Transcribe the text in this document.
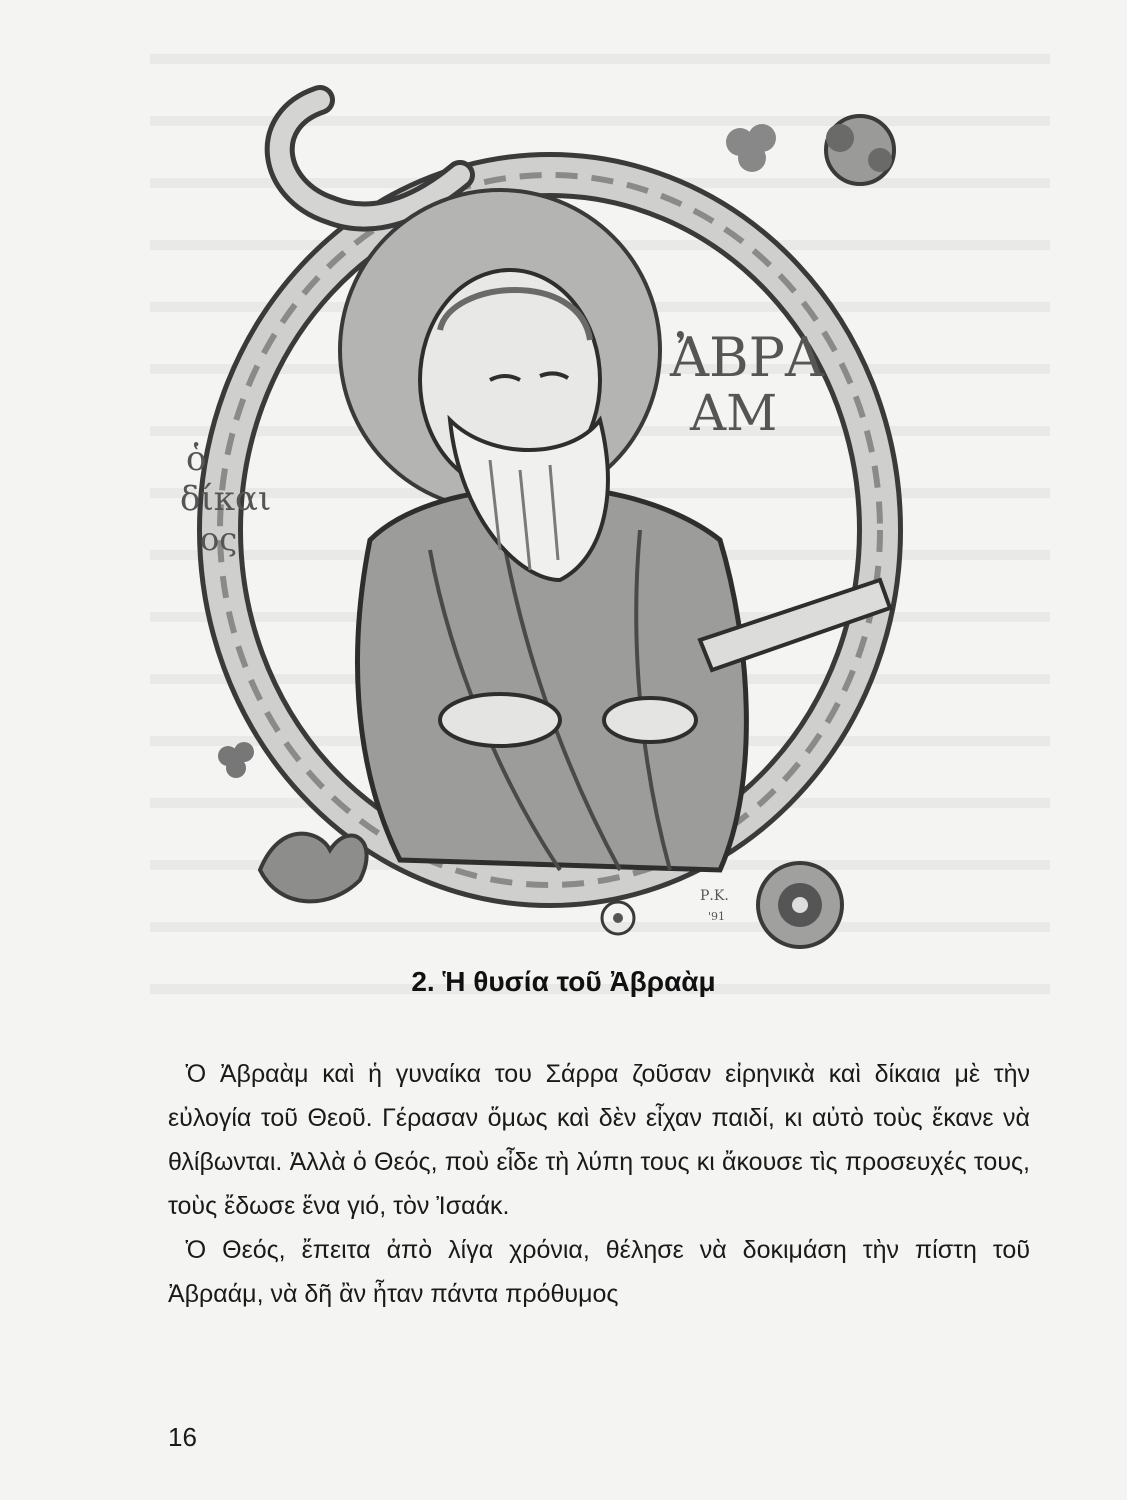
ἈΒΡΑ
ΑΜ
ὁ
δίκαι
ος
Ρ.Κ.
'91
2. Ἡ θυσία τοῦ Ἀβραὰμ

Ὁ Ἀβραὰμ καὶ ἡ γυναίκα του Σάρρα ζοῦσαν εἰρηνικὰ καὶ δίκαια μὲ τὴν εὐλογία τοῦ Θεοῦ. Γέρασαν ὅμως καὶ δὲν εἶχαν παιδί, κι αὐτὸ τοὺς ἔκανε νὰ θλίβωνται. Ἀλλὰ ὁ Θεός, ποὺ εἶδε τὴ λύπη τους κι ἄκουσε τὶς προσευχές τους, τοὺς ἔδωσε ἕνα γιό, τὸν Ἰσαάκ.

Ὁ Θεός, ἔπειτα ἀπὸ λίγα χρόνια, θέλησε νὰ δοκιμάση τὴν πίστη τοῦ Ἀβραάμ, νὰ δῆ ἂν ἦταν πάντα πρόθυμος

16
